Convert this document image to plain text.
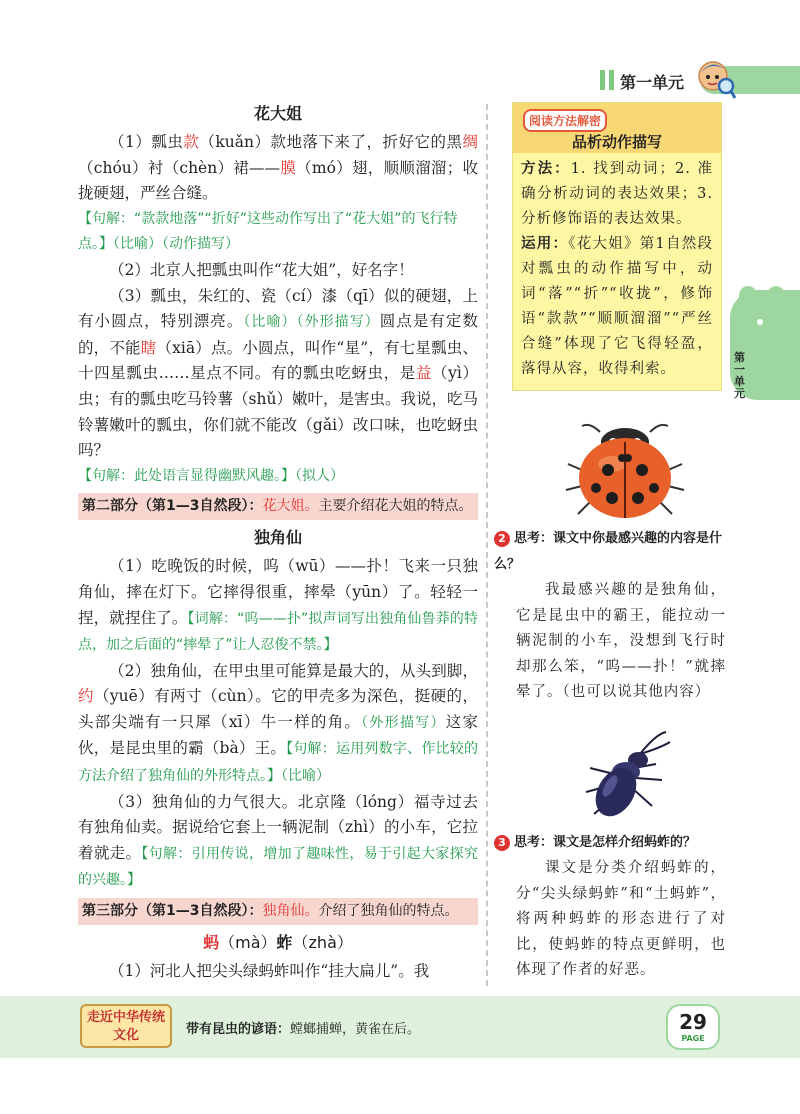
第一单元
第一单元
花大姐
（1）瓢虫款（kuǎn）款地落下来了，折好它的黑绸（chóu）衬（chèn）裙——膜（mó）翅，顺顺溜溜；收拢硬翅，严丝合缝。
【句解：“款款地落”“折好”这些动作写出了“花大姐”的飞行特点。】（比喻）（动作描写）
（2）北京人把瓢虫叫作“花大姐”，好名字！
（3）瓢虫，朱红的、瓷（cí）漆（qī）似的硬翅，上有小圆点，特别漂亮。（比喻）（外形描写）圆点是有定数的，不能瞎（xiā）点。小圆点，叫作“星”，有七星瓢虫、十四星瓢虫……星点不同。有的瓢虫吃蚜虫，是益（yì）虫；有的瓢虫吃马铃薯（shǔ）嫩叶，是害虫。我说，吃马铃薯嫩叶的瓢虫，你们就不能改（gǎi）改口味，也吃蚜虫吗？
【句解：此处语言显得幽默风趣。】（拟人）
第二部分（第1—3自然段）：花大姐。主要介绍花大姐的特点。
独角仙
（1）吃晚饭的时候，呜（wū）——扑！飞来一只独角仙，摔在灯下。它摔得很重，摔晕（yūn）了。轻轻一捏，就捏住了。【词解：“呜——扑”拟声词写出独角仙鲁莽的特点，加之后面的“摔晕了”让人忍俊不禁。】
（2）独角仙，在甲虫里可能算是最大的，从头到脚，约（yuē）有两寸（cùn）。它的甲壳多为深色，挺硬的，头部尖端有一只犀（xī）牛一样的角。（外形描写）这家伙，是昆虫里的霸（bà）王。【句解：运用列数字、作比较的方法介绍了独角仙的外形特点。】（比喻）
（3）独角仙的力气很大。北京隆（lóng）福寺过去有独角仙卖。据说给它套上一辆泥制（zhì）的小车，它拉着就走。【句解：引用传说，增加了趣味性，易于引起大家探究的兴趣。】
第三部分（第1—3自然段）：独角仙。介绍了独角仙的特点。
蚂（mà）蚱（zhà）
（1）河北人把尖头绿蚂蚱叫作“挂大扁儿”。我
阅读方法解密
品析动作描写
方法：1. 找到动词；2. 准确分析动词的表达效果；3. 分析修饰语的表达效果。
运用：《花大姐》第1自然段对瓢虫的动作描写中，动词“落”“折”“收拢”，修饰语“款款”“顺顺溜溜”“严丝合缝”体现了它飞得轻盈，落得从容，收得利索。
2 思考：课文中你最感兴趣的内容是什么？
我最感兴趣的是独角仙，它是昆虫中的霸王，能拉动一辆泥制的小车，没想到飞行时却那么笨，“呜——扑！”就摔晕了。（也可以说其他内容）
3 思考：课文是怎样介绍蚂蚱的？
课文是分类介绍蚂蚱的，分“尖头绿蚂蚱”和“土蚂蚱”，将两种蚂蚱的形态进行了对比，使蚂蚱的特点更鲜明，也体现了作者的好恶。
走近中华传统文化	带有昆虫的谚语：螳螂捕蝉，黄雀在后。	29
PAGE
